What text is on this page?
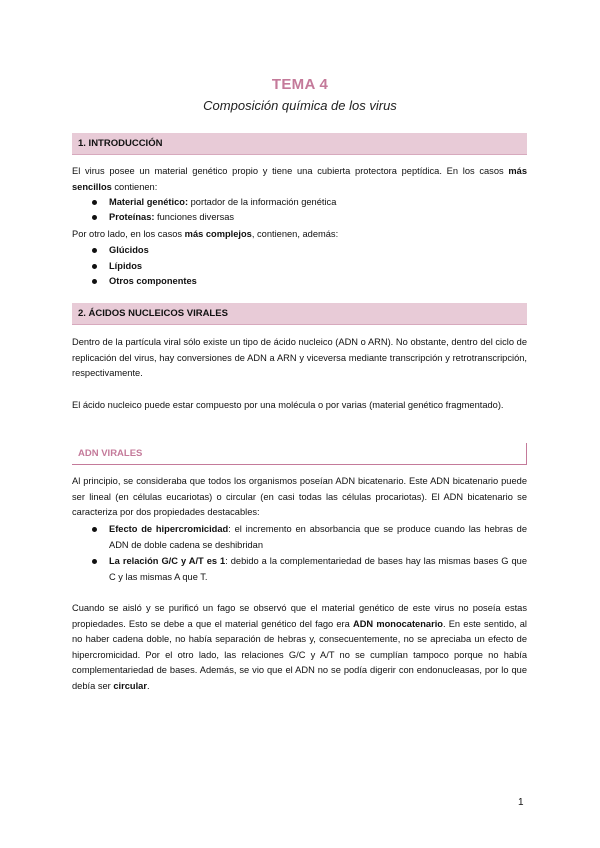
TEMA 4
Composición química de los virus
1. INTRODUCCIÓN
El virus posee un material genético propio y tiene una cubierta protectora peptídica. En los casos más sencillos contienen:
Material genético: portador de la información genética
Proteínas: funciones diversas
Por otro lado, en los casos más complejos, contienen, además:
Glúcidos
Lípidos
Otros componentes
2. ÁCIDOS NUCLEICOS VIRALES
Dentro de la partícula viral sólo existe un tipo de ácido nucleico (ADN o ARN). No obstante, dentro del ciclo de replicación del virus, hay conversiones de ADN a ARN y viceversa mediante transcripción y retrotranscripción, respectivamente.
El ácido nucleico puede estar compuesto por una molécula o por varias (material genético fragmentado).
ADN VIRALES
Al principio, se consideraba que todos los organismos poseían ADN bicatenario. Este ADN bicatenario puede ser lineal (en células eucariotas) o circular (en casi todas las células procariotas). El ADN bicatenario se caracteriza por dos propiedades destacables:
Efecto de hipercromicidad: el incremento en absorbancia que se produce cuando las hebras de ADN de doble cadena se deshibridan
La relación G/C y A/T es 1: debido a la complementariedad de bases hay las mismas bases G que C y las mismas A que T.
Cuando se aisló y se purificó un fago se observó que el material genético de este virus no poseía estas propiedades. Esto se debe a que el material genético del fago era ADN monocatenario. En este sentido, al no haber cadena doble, no había separación de hebras y, consecuentemente, no se apreciaba un efecto de hipercromicidad. Por el otro lado, las relaciones G/C y A/T no se cumplían tampoco porque no había complementariedad de bases. Además, se vio que el ADN no se podía digerir con endonucleasas, por lo que debía ser circular.
1
